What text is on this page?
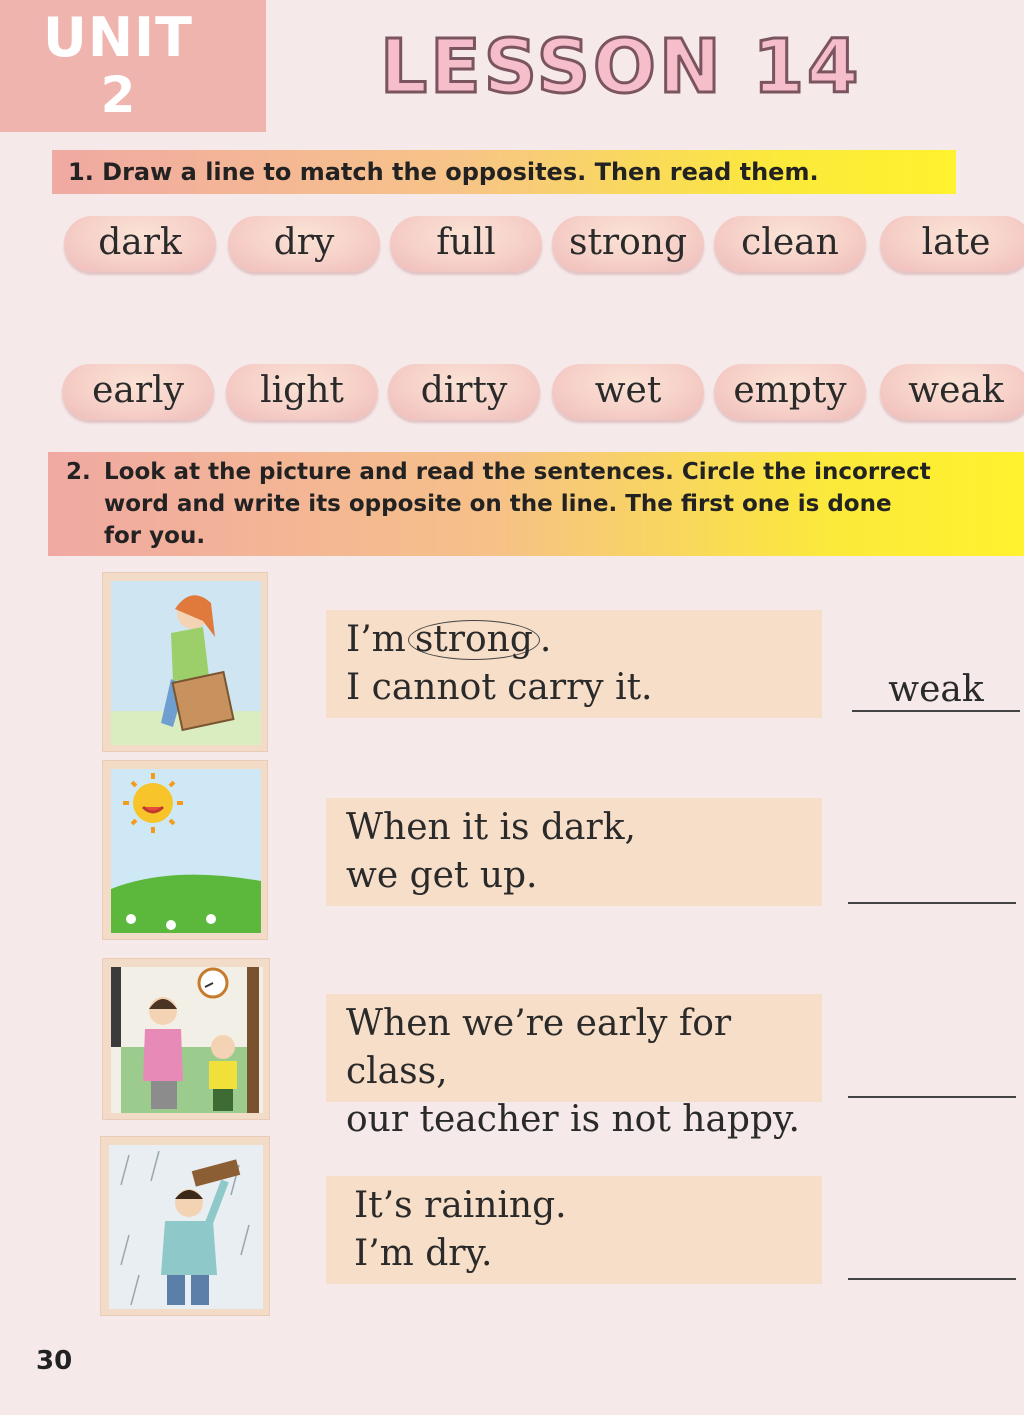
UNIT
2	LESSON 14
1. Draw a line to match the opposites. Then read them.
dark	dry	full	strong	clean	late
early	light	dirty	wet	empty	weak
2. Look at the picture and read the sentences. Circle the incorrect
word and write its opposite on the line. The first one is done
for you.
I’m strong .
I cannot carry it.	weak
When it is dark,
we get up.
When we’re early for class,
our teacher is not happy.
It’s raining.
I’m dry.
30
